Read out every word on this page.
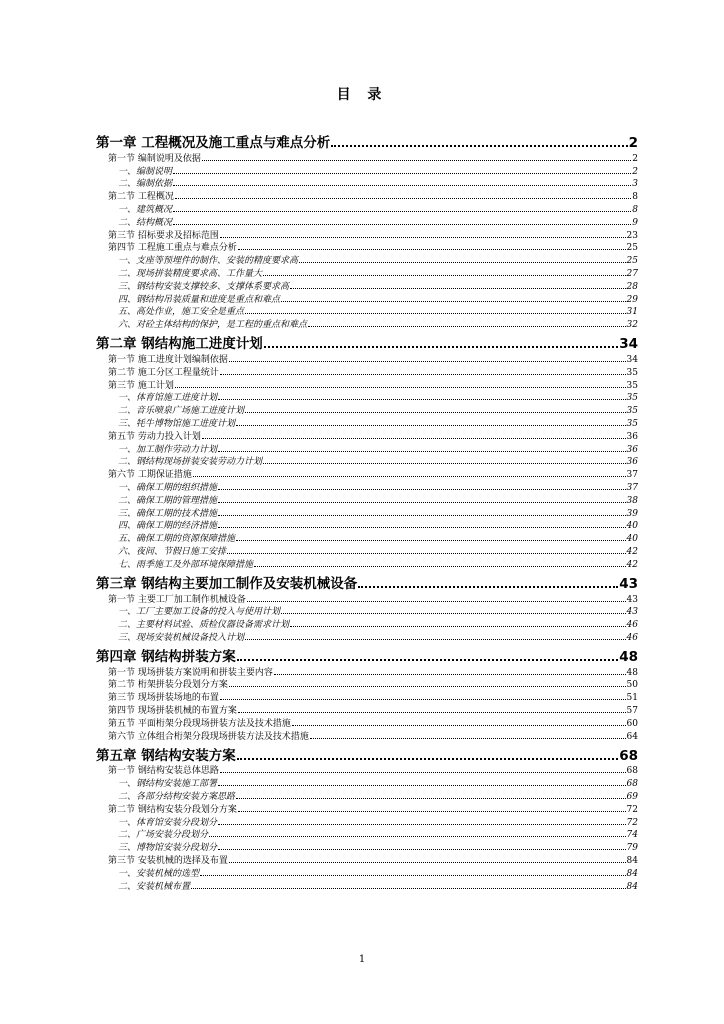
目 录
第一章 工程概况及施工重点与难点分析	2
第一节 编制说明及依据	2
一、编制说明	2
二、编制依据	3
第二节 工程概况	8
一、建筑概况	8
二、结构概况	9
第三节 招标要求及招标范围	23
第四节 工程施工重点与难点分析	25
一、支座等预埋件的制作、安装的精度要求高	25
二、现场拼装精度要求高、工作量大	27
三、钢结构安装支撑较多、支撑体系要求高	28
四、钢结构吊装质量和进度是重点和难点	29
五、高处作业，施工安全是重点	31
六、对砼主体结构的保护，是工程的重点和难点	32
第二章 钢结构施工进度计划	34
第一节 施工进度计划编制依据	34
第二节 施工分区工程量统计	35
第三节 施工计划	35
一、体育馆施工进度计划	35
二、音乐喷泉广场施工进度计划	35
三、牦牛博物馆施工进度计划	35
第五节 劳动力投入计划	36
一、加工制作劳动力计划	36
二、钢结构现场拼装安装劳动力计划	36
第六节 工期保证措施	37
一、确保工期的组织措施	37
二、确保工期的管理措施	38
三、确保工期的技术措施	39
四、确保工期的经济措施	40
五、确保工期的资源保障措施	40
六、夜间、节假日施工安排	42
七、雨季施工及外部环境保障措施	42
第三章 钢结构主要加工制作及安装机械设备	43
第一节 主要工厂加工制作机械设备	43
一、工厂主要加工设备的投入与使用计划	43
二、主要材料试验、质检仪器设备需求计划	46
三、现场安装机械设备投入计划	46
第四章 钢结构拼装方案	48
第一节 现场拼装方案说明和拼装主要内容	48
第二节 桁架拼装分段划分方案	50
第三节 现场拼装场地的布置	51
第四节 现场拼装机械的布置方案	57
第五节 平面桁架分段现场拼装方法及技术措施	60
第六节 立体组合桁架分段现场拼装方法及技术措施	64
第五章 钢结构安装方案	68
第一节 钢结构安装总体思路	68
一、钢结构安装施工部署	68
二、各部分结构安装方案思路	69
第二节 钢结构安装分段划分方案	72
一、体育馆安装分段划分	72
二、广场安装分段划分	74
三、博物馆安装分段划分	79
第三节 安装机械的选择及布置	84
一、安装机械的选型	84
二、安装机械布置	84
1
